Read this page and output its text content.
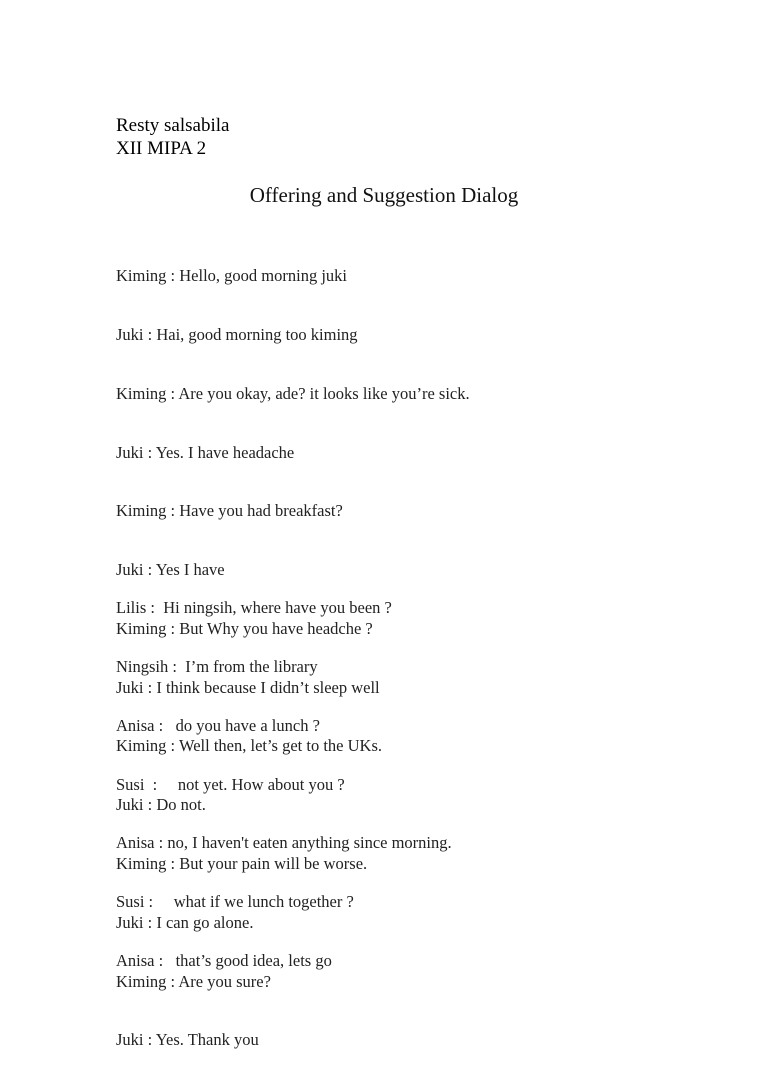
Resty salsabila
XII MIPA 2
Offering and Suggestion Dialog

Kiming : Hello, good morning juki

Juki : Hai, good morning too kiming

Kiming : Are you okay, ade? it looks like you’re sick.

Juki : Yes. I have headache

Kiming : Have you had breakfast?

Juki : Yes I have

Kiming : But Why you have headche ?

Juki : I think because I didn’t sleep well

Kiming : Well then, let’s get to the UKs.

Juki : Do not.

Kiming : But your pain will be worse.

Juki : I can go alone.

Kiming : Are you sure?

Juki : Yes. Thank you

Lilis :  Hi ningsih, where have you been ?

Ningsih :  I’m from the library

Anisa :   do you have a lunch ?

Susi  :     not yet. How about you ?

Anisa : no, I haven't eaten anything since morning.

Susi :     what if we lunch together ?

Anisa :   that’s good idea, lets go
